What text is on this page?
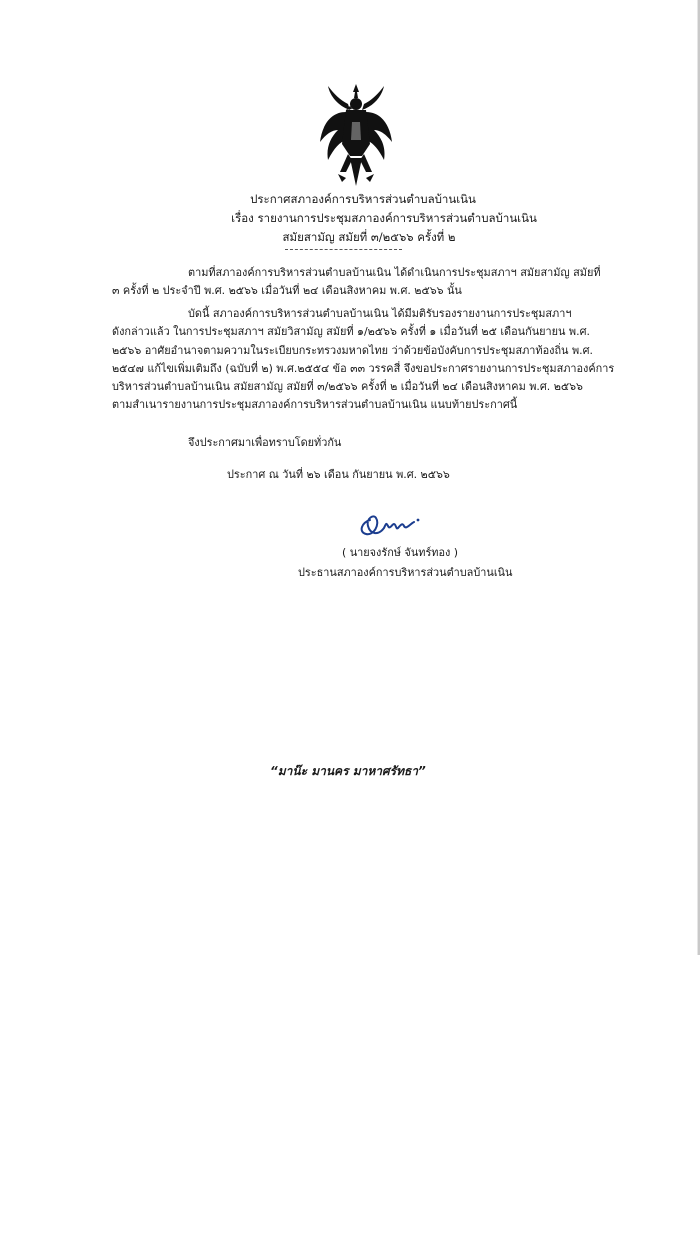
ประกาศสภาองค์การบริหารส่วนตำบลบ้านเนิน
เรื่อง รายงานการประชุมสภาองค์การบริหารส่วนตำบลบ้านเนิน
สมัยสามัญ สมัยที่ ๓/๒๕๖๖ ครั้งที่ ๒
ตามที่สภาองค์การบริหารส่วนตำบลบ้านเนิน ได้ดำเนินการประชุมสภาฯ สมัยสามัญ สมัยที่
๓ ครั้งที่ ๒ ประจำปี พ.ศ. ๒๕๖๖ เมื่อวันที่ ๒๔ เดือนสิงหาคม พ.ศ. ๒๕๖๖ นั้น
บัดนี้ สภาองค์การบริหารส่วนตำบลบ้านเนิน ได้มีมติรับรองรายงานการประชุมสภาฯ
ดังกล่าวแล้ว ในการประชุมสภาฯ สมัยวิสามัญ สมัยที่ ๑/๒๕๖๖ ครั้งที่ ๑ เมื่อวันที่ ๒๕ เดือนกันยายน พ.ศ.
๒๕๖๖ อาศัยอำนาจตามความในระเบียบกระทรวงมหาดไทย ว่าด้วยข้อบังคับการประชุมสภาท้องถิ่น พ.ศ.
๒๕๔๗ แก้ไขเพิ่มเติมถึง (ฉบับที่ ๒) พ.ศ.๒๕๕๔ ข้อ ๓๓ วรรคสี่ จึงขอประกาศรายงานการประชุมสภาองค์การ
บริหารส่วนตำบลบ้านเนิน สมัยสามัญ สมัยที่ ๓/๒๕๖๖ ครั้งที่ ๒ เมื่อวันที่ ๒๔ เดือนสิงหาคม พ.ศ. ๒๕๖๖
ตามสำเนารายงานการประชุมสภาองค์การบริหารส่วนตำบลบ้านเนิน แนบท้ายประกาศนี้
จึงประกาศมาเพื่อทราบโดยทั่วกัน
ประกาศ ณ วันที่ ๒๖ เดือน กันยายน พ.ศ. ๒๕๖๖
( นายจงรักษ์ จันทร์ทอง )
ประธานสภาองค์การบริหารส่วนตำบลบ้านเนิน
“มาน๊ะ มานคร มาหาศรัทธา”
